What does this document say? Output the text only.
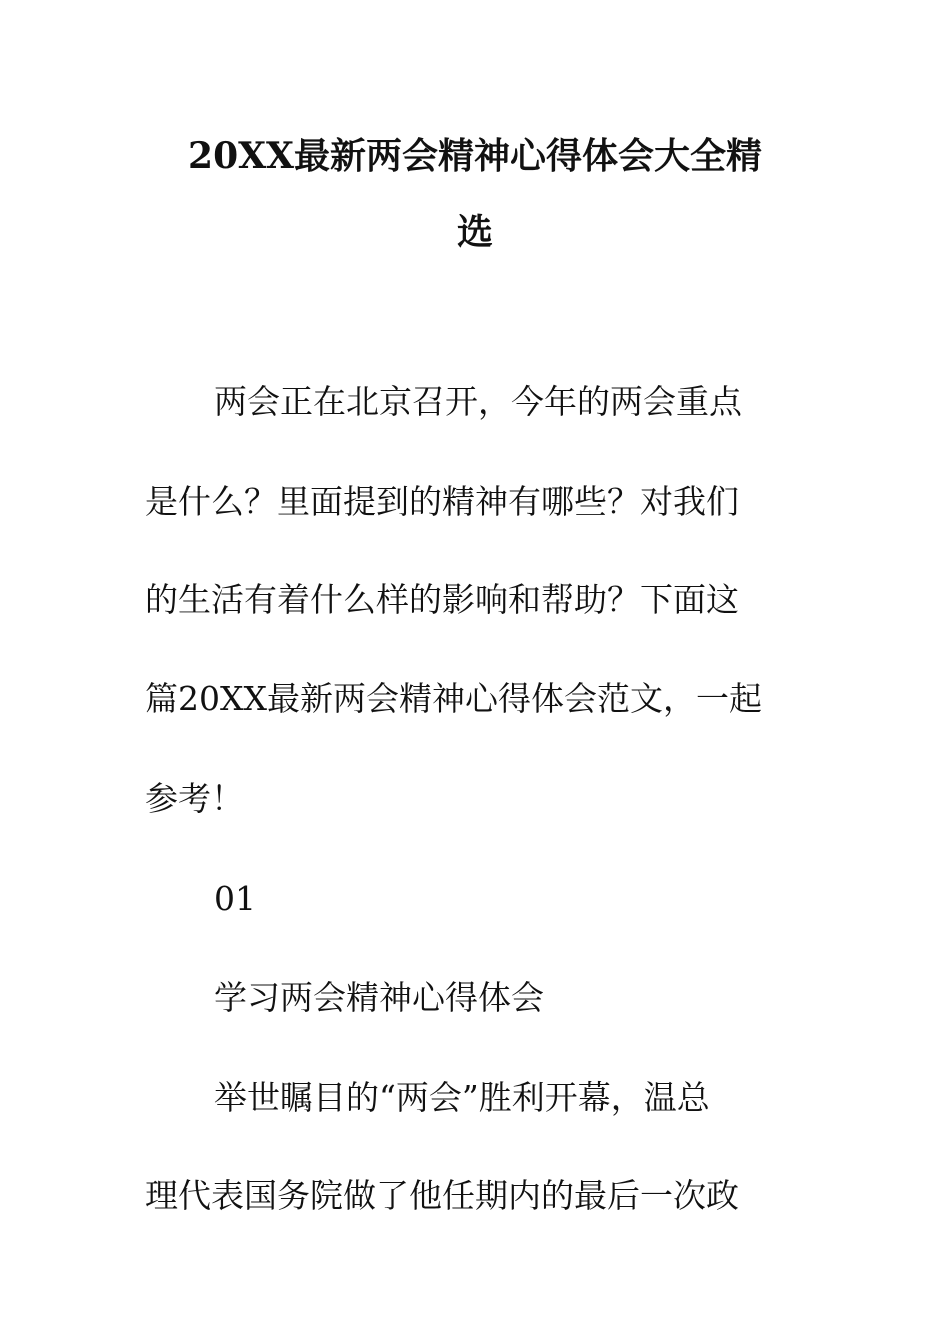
20XX最新两会精神心得体会大全精
选
两会正在北京召开，今年的两会重点
是什么？里面提到的精神有哪些？对我们
的生活有着什么样的影响和帮助？下面这
篇20XX最新两会精神心得体会范文，一起
参考！
01
学习两会精神心得体会
举世瞩目的“两会”胜利开幕，温总
理代表国务院做了他任期内的最后一次政
